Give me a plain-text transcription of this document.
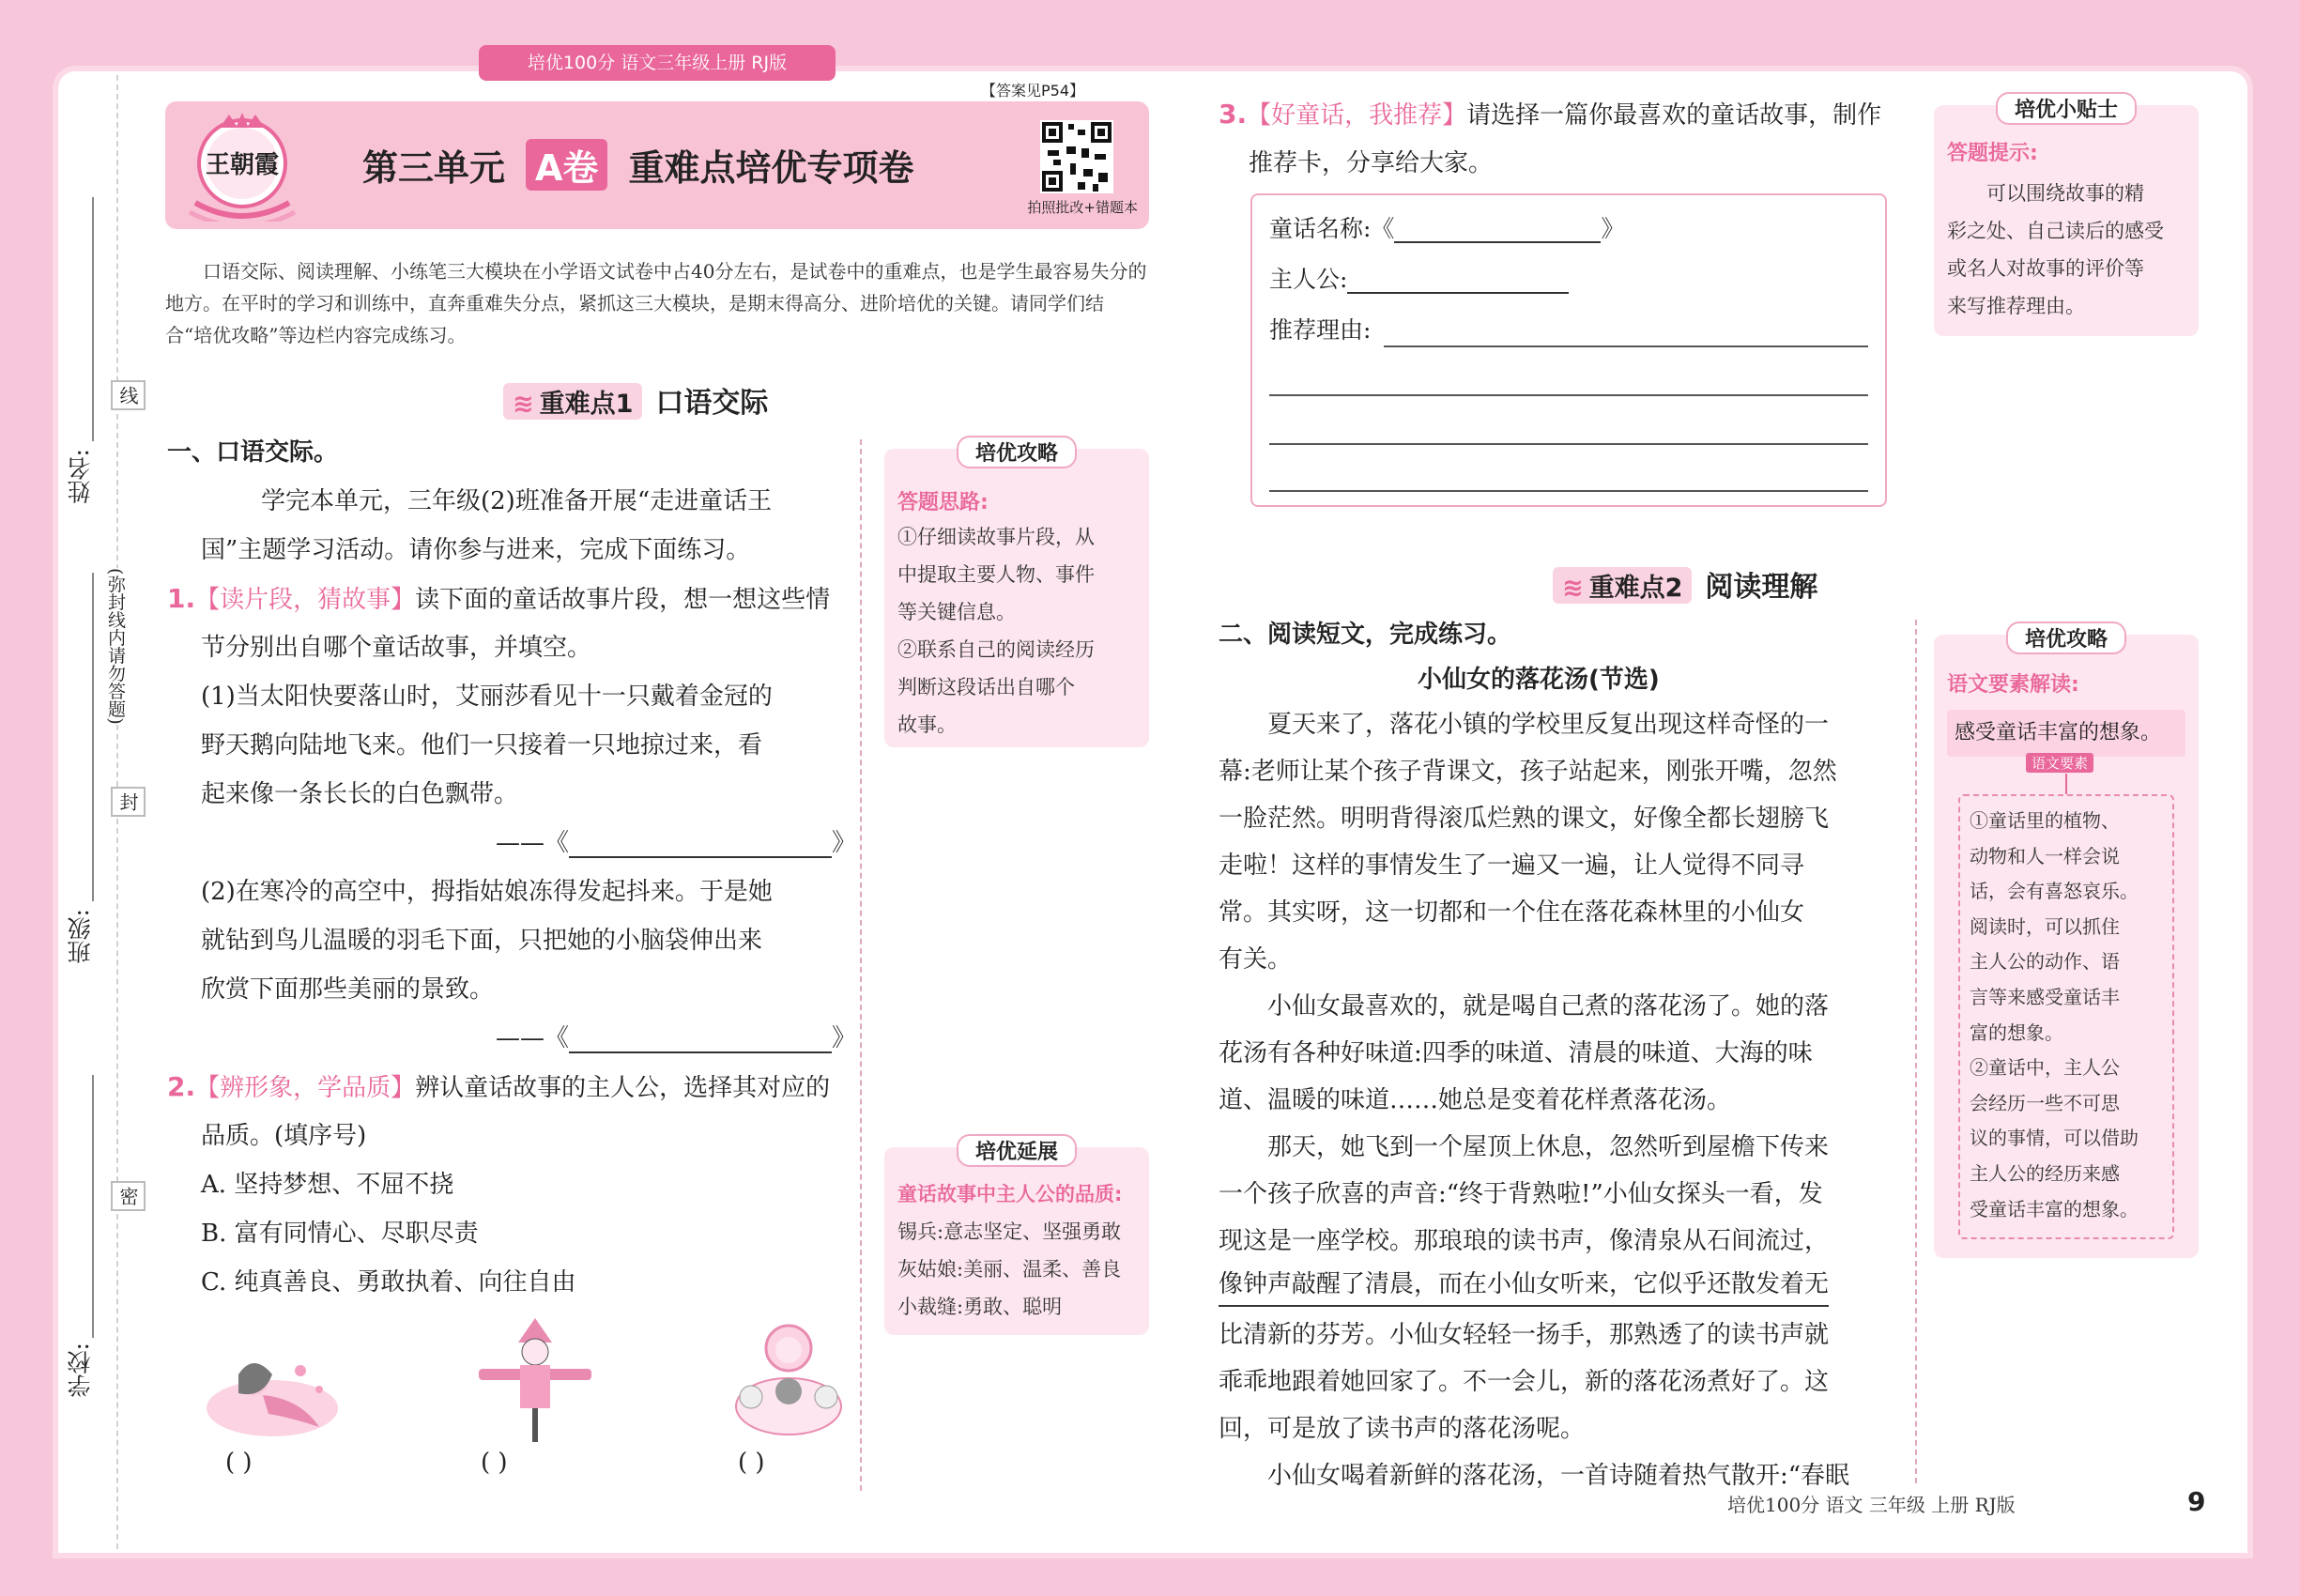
培优100分 语文三年级上册 RJ版
线
(弥封线内请勿答题)
封
密
姓名:
班级:
学校:
【答案见P54】
王朝霞 第三单元 A卷 重难点培优专项卷
拍照批改+错题本
口语交际、阅读理解、小练笔三大模块在小学语文试卷中占40分左右，是试卷中的重难点，也是学生最容易失分的地方。在平时的学习和训练中，直奔重难失分点，紧抓这三大模块，是期末得高分、进阶培优的关键。请同学们结合“培优攻略”等边栏内容完成练习。
≋ 重难点1 口语交际
一、口语交际。
学完本单元，三年级(2)班准备开展“走进童话王
国”主题学习活动。请你参与进来，完成下面练习。
1.【读片段，猜故事】读下面的童话故事片段，想一想这些情
节分别出自哪个童话故事，并填空。
(1)当太阳快要落山时，艾丽莎看见十一只戴着金冠的
野天鹅向陆地飞来。他们一只接着一只地掠过来，看
起来像一条长长的白色飘带。
——《	》
(2)在寒冷的高空中，拇指姑娘冻得发起抖来。于是她
就钻到鸟儿温暖的羽毛下面，只把她的小脑袋伸出来
欣赏下面那些美丽的景致。
——《	》
2.【辨形象，学品质】辨认童话故事的主人公，选择其对应的
品质。(填序号)
A. 坚持梦想、不屈不挠
B. 富有同情心、尽职尽责
C. 纯真善良、勇敢执着、向往自由
( )	( )	( )
培优攻略
答题思路:
①仔细读故事片段，从
中提取主要人物、事件
等关键信息。
②联系自己的阅读经历
判断这段话出自哪个
故事。
培优延展
童话故事中主人公的品质:
锡兵:意志坚定、坚强勇敢
灰姑娘:美丽、温柔、善良
小裁缝:勇敢、聪明
3.【好童话，我推荐】请选择一篇你最喜欢的童话故事，制作
推荐卡，分享给大家。
童话名称:《	》
主人公:
推荐理由:
培优小贴士
答题提示:
可以围绕故事的精
彩之处、自己读后的感受
或名人对故事的评价等
来写推荐理由。
≋ 重难点2 阅读理解
二、阅读短文，完成练习。
小仙女的落花汤(节选)
夏天来了，落花小镇的学校里反复出现这样奇怪的一
幕:老师让某个孩子背课文，孩子站起来，刚张开嘴，忽然
一脸茫然。明明背得滚瓜烂熟的课文，好像全都长翅膀飞
走啦！这样的事情发生了一遍又一遍，让人觉得不同寻
常。其实呀，这一切都和一个住在落花森林里的小仙女
有关。
小仙女最喜欢的，就是喝自己煮的落花汤了。她的落
花汤有各种好味道:四季的味道、清晨的味道、大海的味
道、温暖的味道……她总是变着花样煮落花汤。
那天，她飞到一个屋顶上休息，忽然听到屋檐下传来
一个孩子欣喜的声音:“终于背熟啦!”小仙女探头一看，发
现这是一座学校。那琅琅的读书声，像清泉从石间流过，
像钟声敲醒了清晨，而在小仙女听来，它似乎还散发着无
比清新的芬芳。小仙女轻轻一扬手，那熟透了的读书声就
乖乖地跟着她回家了。不一会儿，新的落花汤煮好了。这
回，可是放了读书声的落花汤呢。
小仙女喝着新鲜的落花汤，一首诗随着热气散开:“春眠
培优攻略
语文要素解读:
感受童话丰富的想象。
语文要素
①童话里的植物、
动物和人一样会说
话，会有喜怒哀乐。
阅读时，可以抓住
主人公的动作、语
言等来感受童话丰
富的想象。
②童话中，主人公
会经历一些不可思
议的事情，可以借助
主人公的经历来感
受童话丰富的想象。
培优100分 语文 三年级 上册 RJ版	9
